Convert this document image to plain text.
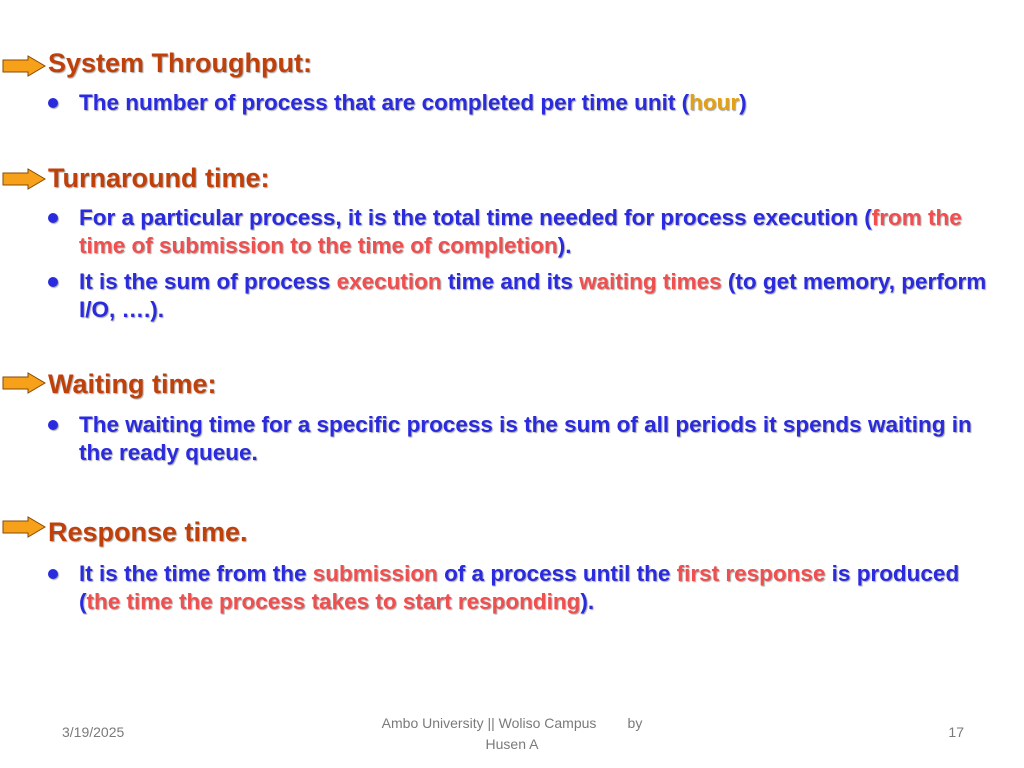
System Throughput:

The number of process that are completed per time unit (hour)

Turnaround time:

For a particular process, it is the total time needed for process execution (from the time of submission to the time of completion).

It is the sum of process execution time and its waiting times (to get memory, perform I/O, ….).

Waiting time:

The waiting time for a specific process is the sum of all periods it spends waiting in the ready queue.

Response time.

It is the time from the submission of a process until the first response is produced (the time the process takes to start responding).

3/19/2025
Ambo University || Woliso Campus        by
Husen A
17
